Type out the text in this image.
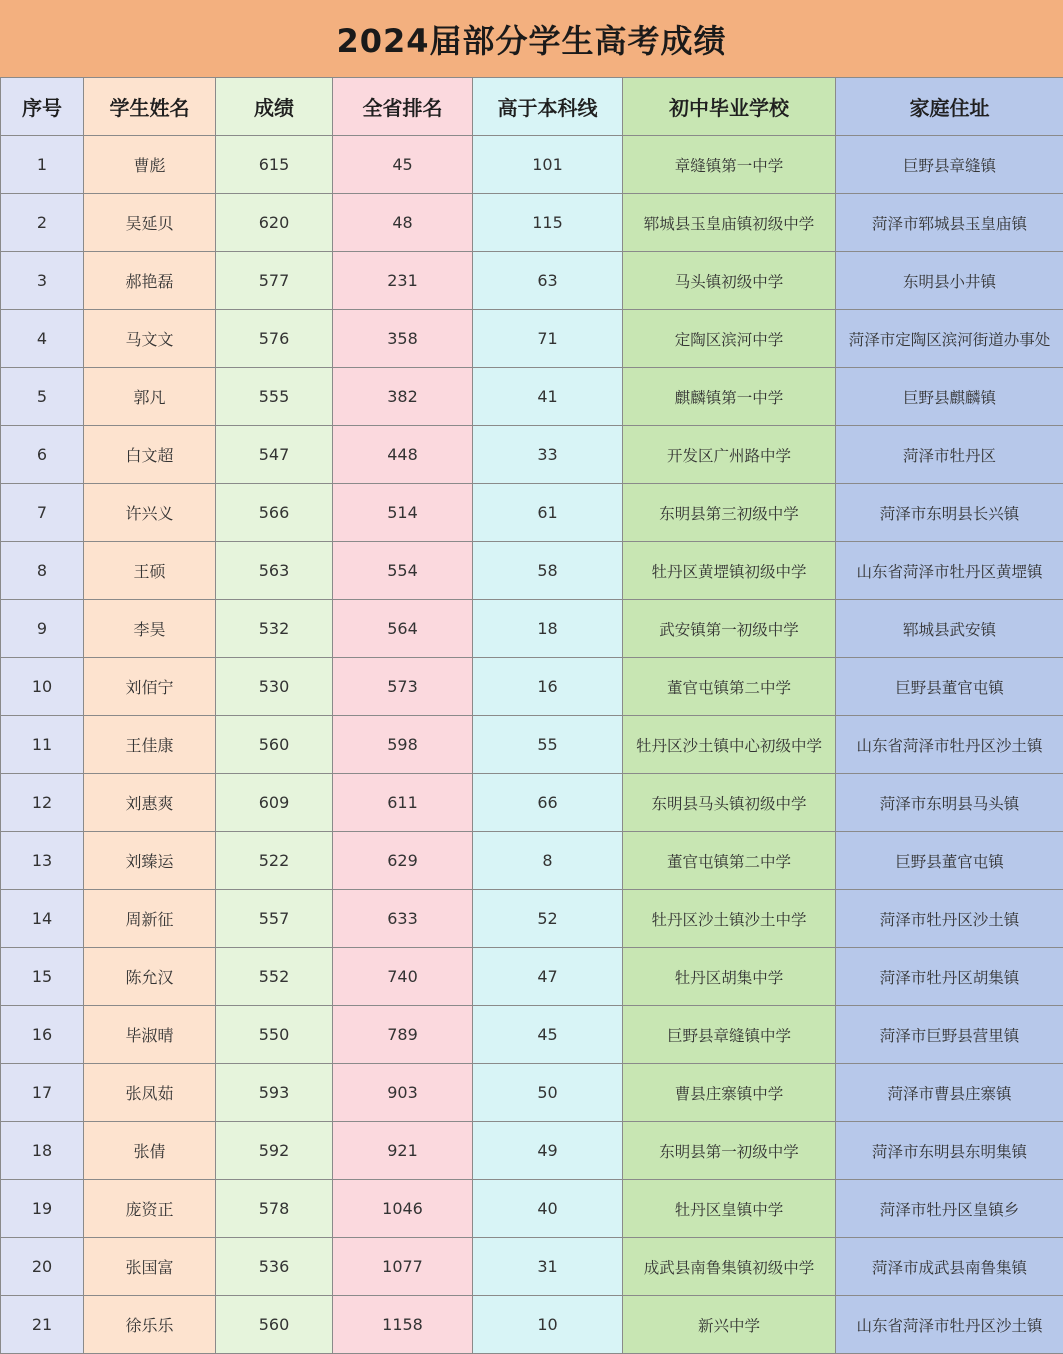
2024届部分学生高考成绩
序号	学生姓名	成绩	全省排名	高于本科线	初中毕业学校	家庭住址
1	曹彪	615	45	101	章缝镇第一中学	巨野县章缝镇
2	吴延贝	620	48	115	郓城县玉皇庙镇初级中学	菏泽市郓城县玉皇庙镇
3	郝艳磊	577	231	63	马头镇初级中学	东明县小井镇
4	马文文	576	358	71	定陶区滨河中学	菏泽市定陶区滨河街道办事处
5	郭凡	555	382	41	麒麟镇第一中学	巨野县麒麟镇
6	白文超	547	448	33	开发区广州路中学	菏泽市牡丹区
7	许兴义	566	514	61	东明县第三初级中学	菏泽市东明县长兴镇
8	王硕	563	554	58	牡丹区黄堽镇初级中学	山东省菏泽市牡丹区黄堽镇
9	李昊	532	564	18	武安镇第一初级中学	郓城县武安镇
10	刘佰宁	530	573	16	董官屯镇第二中学	巨野县董官屯镇
11	王佳康	560	598	55	牡丹区沙土镇中心初级中学	山东省菏泽市牡丹区沙土镇
12	刘惠爽	609	611	66	东明县马头镇初级中学	菏泽市东明县马头镇
13	刘臻运	522	629	8	董官屯镇第二中学	巨野县董官屯镇
14	周新征	557	633	52	牡丹区沙土镇沙土中学	菏泽市牡丹区沙土镇
15	陈允汉	552	740	47	牡丹区胡集中学	菏泽市牡丹区胡集镇
16	毕淑晴	550	789	45	巨野县章缝镇中学	菏泽市巨野县营里镇
17	张凤茹	593	903	50	曹县庄寨镇中学	菏泽市曹县庄寨镇
18	张倩	592	921	49	东明县第一初级中学	菏泽市东明县东明集镇
19	庞资正	578	1046	40	牡丹区皇镇中学	菏泽市牡丹区皇镇乡
20	张国富	536	1077	31	成武县南鲁集镇初级中学	菏泽市成武县南鲁集镇
21	徐乐乐	560	1158	10	新兴中学	山东省菏泽市牡丹区沙土镇
